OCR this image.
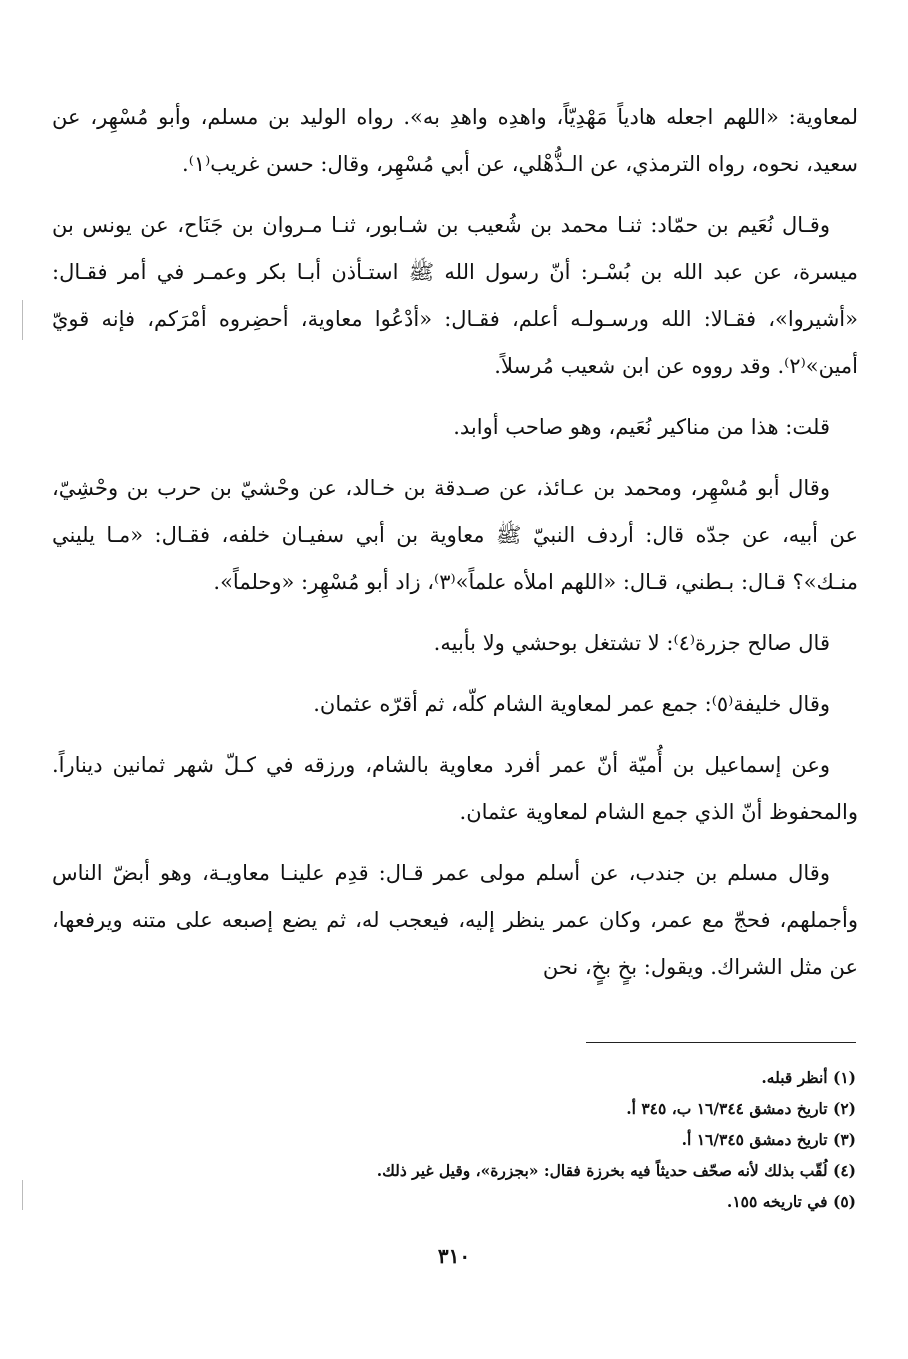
لمعاوية: «اللهم اجعله هادياً مَهْدِيّاً، واهدِه واهدِ به». رواه الوليد بن مسلم، وأبو مُسْهِر، عن سعيد، نحوه، رواه الترمذي، عن الـذُّهْلي، عن أبي مُسْهِر، وقال: حسن غريب⁽١⁾.

وقـال نُعَيم بن حمّاد: ثنـا محمد بن شُعيب بن شـابور، ثنـا مـروان بن جَنَاح، عن يونس بن ميسرة، عن عبد الله بن بُسْـر: أنّ رسول الله ﷺ استـأذن أبـا بكر وعمـر في أمر فقـال: «أشيروا»، فقـالا: الله ورسـولـه أعلم، فقـال: «أدْعُوا معاوية، أحضِروه أمْرَكم، فإنه قويّ أمين»⁽٢⁾. وقد رووه عن ابن شعيب مُرسلاً.

قلت: هذا من مناكير نُعَيم، وهو صاحب أوابد.

وقال أبو مُسْهِر، ومحمد بن عـائذ، عن صـدقة بن خـالد، عن وحْشيّ بن حرب بن وحْشِيّ، عن أبيه، عن جدّه قال: أردف النبيّ ﷺ معاوية بن أبي سفيـان خلفه، فقـال: «مـا يليني منـك»؟ قـال: بـطني، قـال: «اللهم املأه علماً»⁽٣⁾، زاد أبو مُسْهِر: «وحلماً».

قال صالح جزرة⁽٤⁾: لا تشتغل بوحشي ولا بأبيه.

وقال خليفة⁽٥⁾: جمع عمر لمعاوية الشام كلّه، ثم أقرّه عثمان.

وعن إسماعيل بن أُميّة أنّ عمر أفرد معاوية بالشام، ورزقه في كـلّ شهر ثمانين ديناراً. والمحفوظ أنّ الذي جمع الشام لمعاوية عثمان.

وقال مسلم بن جندب، عن أسلم مولى عمر قـال: قدِم علينـا معاويـة، وهو أبضّ الناس وأجملهم، فحجّ مع عمر، وكان عمر ينظر إليه، فيعجب له، ثم يضع إصبعه على متنه ويرفعها، عن مثل الشراك. ويقول: بخٍ بخٍ، نحن

(١) أنظر قبله.

(٢) تاريخ دمشق ١٦/٣٤٤ ب، ٣٤٥ أ.

(٣) تاريخ دمشق ١٦/٣٤٥ أ.

(٤) لُقّب بذلك لأنه صحّف حديثاً فيه بخرزة فقال: «بجزرة»، وقيل غير ذلك.

(٥) في تاريخه ١٥٥.

٣١٠
